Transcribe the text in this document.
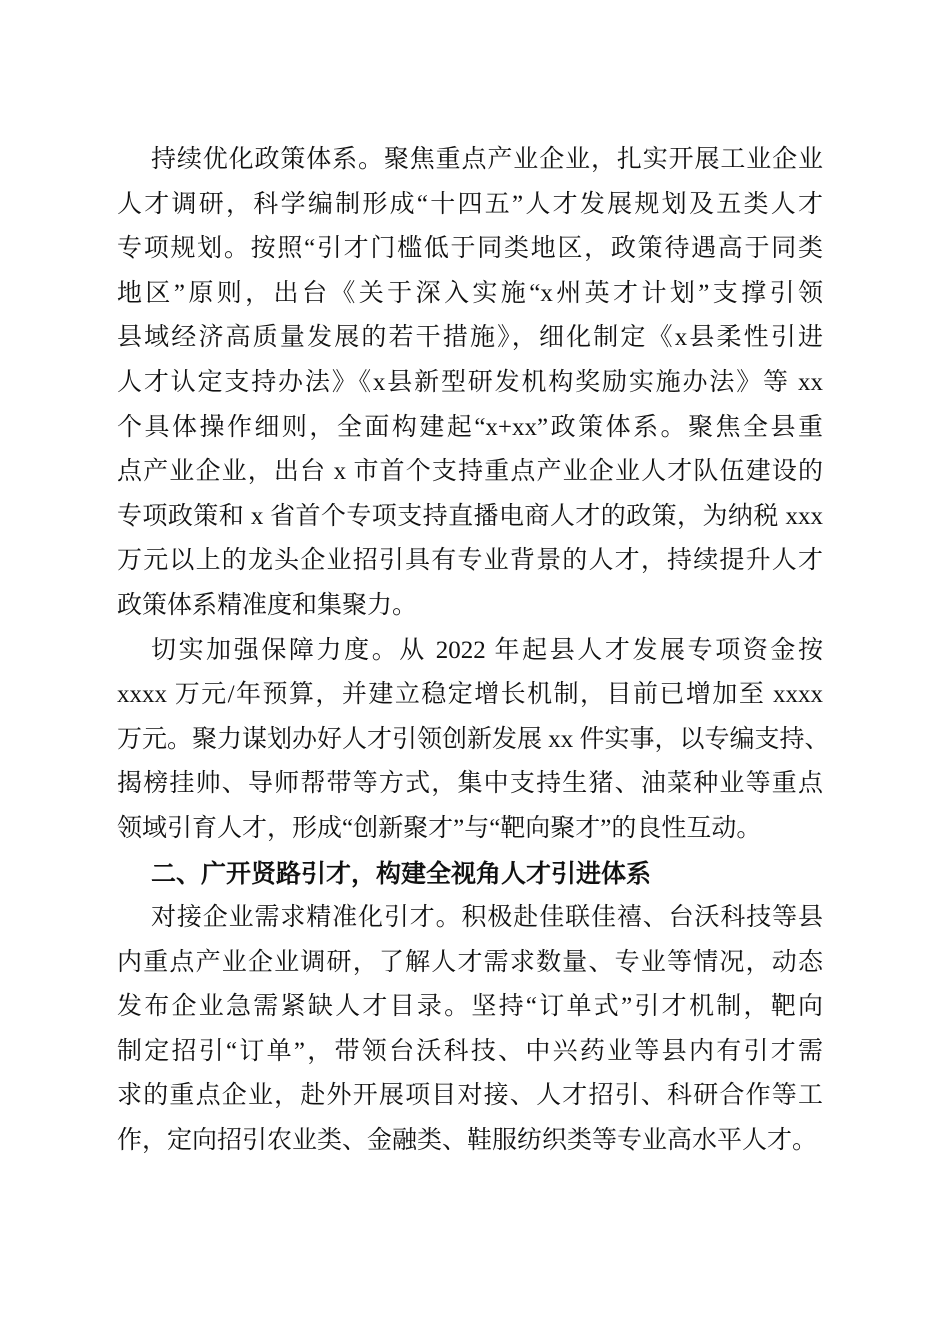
持续优化政策体系。聚焦重点产业企业，扎实开展工业企业
人才调研，科学编制形成“十四五”人才发展规划及五类人才
专项规划。按照“引才门槛低于同类地区，政策待遇高于同类
地区”原则，出台《关于深入实施“x州英才计划”支撑引领
县域经济高质量发展的若干措施》，细化制定《x县柔性引进
人才认定支持办法》《x县新型研发机构奖励实施办法》等 xx
个具体操作细则，全面构建起“x+xx”政策体系。聚焦全县重
点产业企业，出台 x 市首个支持重点产业企业人才队伍建设的
专项政策和 x 省首个专项支持直播电商人才的政策，为纳税 xxx
万元以上的龙头企业招引具有专业背景的人才，持续提升人才
政策体系精准度和集聚力。
切实加强保障力度。从 2022 年起县人才发展专项资金按
xxxx 万元/年预算，并建立稳定增长机制，目前已增加至 xxxx
万元。聚力谋划办好人才引领创新发展 xx 件实事，以专编支持、
揭榜挂帅、导师帮带等方式，集中支持生猪、油菜种业等重点
领域引育人才，形成“创新聚才”与“靶向聚才”的良性互动。
二、广开贤路引才，构建全视角人才引进体系
对接企业需求精准化引才。积极赴佳联佳禧、台沃科技等县
内重点产业企业调研，了解人才需求数量、专业等情况，动态
发布企业急需紧缺人才目录。坚持“订单式”引才机制，靶向
制定招引“订单”，带领台沃科技、中兴药业等县内有引才需
求的重点企业，赴外开展项目对接、人才招引、科研合作等工
作，定向招引农业类、金融类、鞋服纺织类等专业高水平人才。
